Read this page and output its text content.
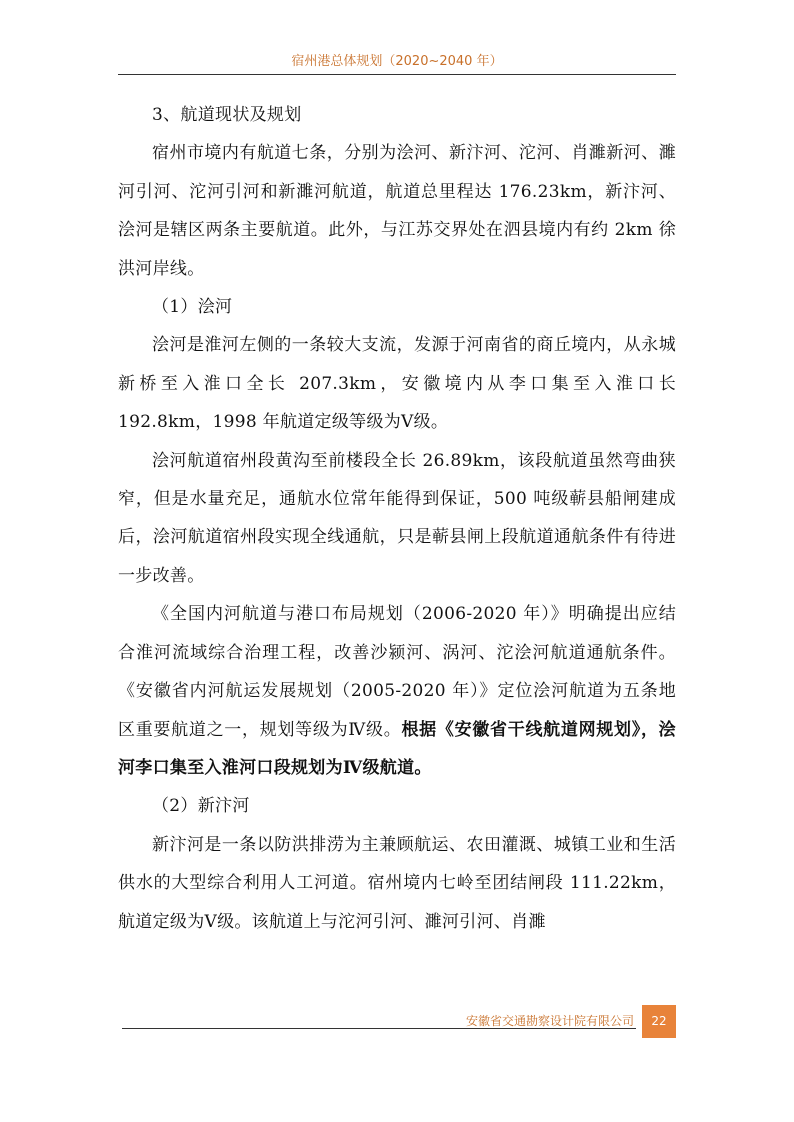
宿州港总体规划（2020~2040 年）

3、航道现状及规划

宿州市境内有航道七条，分别为浍河、新汴河、沱河、肖濉新河、濉河引河、沱河引河和新濉河航道，航道总里程达 176.23km，新汴河、浍河是辖区两条主要航道。此外，与江苏交界处在泗县境内有约 2km 徐洪河岸线。

（1）浍河

浍河是淮河左侧的一条较大支流，发源于河南省的商丘境内，从永城新桥至入淮口全长 207.3km，安徽境内从李口集至入淮口长 192.8km，1998 年航道定级等级为Ⅴ级。

浍河航道宿州段黄沟至前楼段全长 26.89km，该段航道虽然弯曲狭窄，但是水量充足，通航水位常年能得到保证，500 吨级蕲县船闸建成后，浍河航道宿州段实现全线通航，只是蕲县闸上段航道通航条件有待进一步改善。

《全国内河航道与港口布局规划（2006-2020 年）》明确提出应结合淮河流域综合治理工程，改善沙颍河、涡河、沱浍河航道通航条件。《安徽省内河航运发展规划（2005-2020 年）》定位浍河航道为五条地区重要航道之一，规划等级为Ⅳ级。根据《安徽省干线航道网规划》，浍河李口集至入淮河口段规划为Ⅳ级航道。

（2）新汴河

新汴河是一条以防洪排涝为主兼顾航运、农田灌溉、城镇工业和生活供水的大型综合利用人工河道。宿州境内七岭至团结闸段 111.22km，航道定级为Ⅴ级。该航道上与沱河引河、濉河引河、肖濉

安徽省交通勘察设计院有限公司	22
